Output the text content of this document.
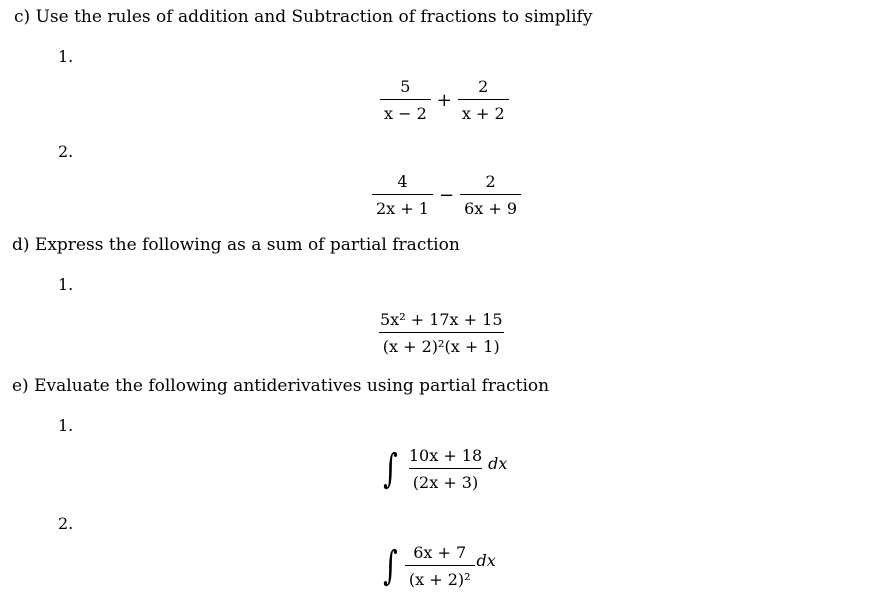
c) Use the rules of addition and Subtraction of fractions to simplify
1.
$\frac{5}{x - 2} + \frac{2}{x + 2}$
2.
$\frac{4}{2x + 1} - \frac{2}{6x + 9}$
d) Express the following as a sum of partial fraction
1.
$\frac{\text{5x² + 17x + 15}}{\text{(x + 2)²(x + 1)}}$
e) Evaluate the following antiderivatives using partial fraction
1.
∫ $\frac{10x + 18}{(2x + 3)}$ dx
2.
∫ $\frac{6x + 7}{\text{(x + 2)²}}$ dx
